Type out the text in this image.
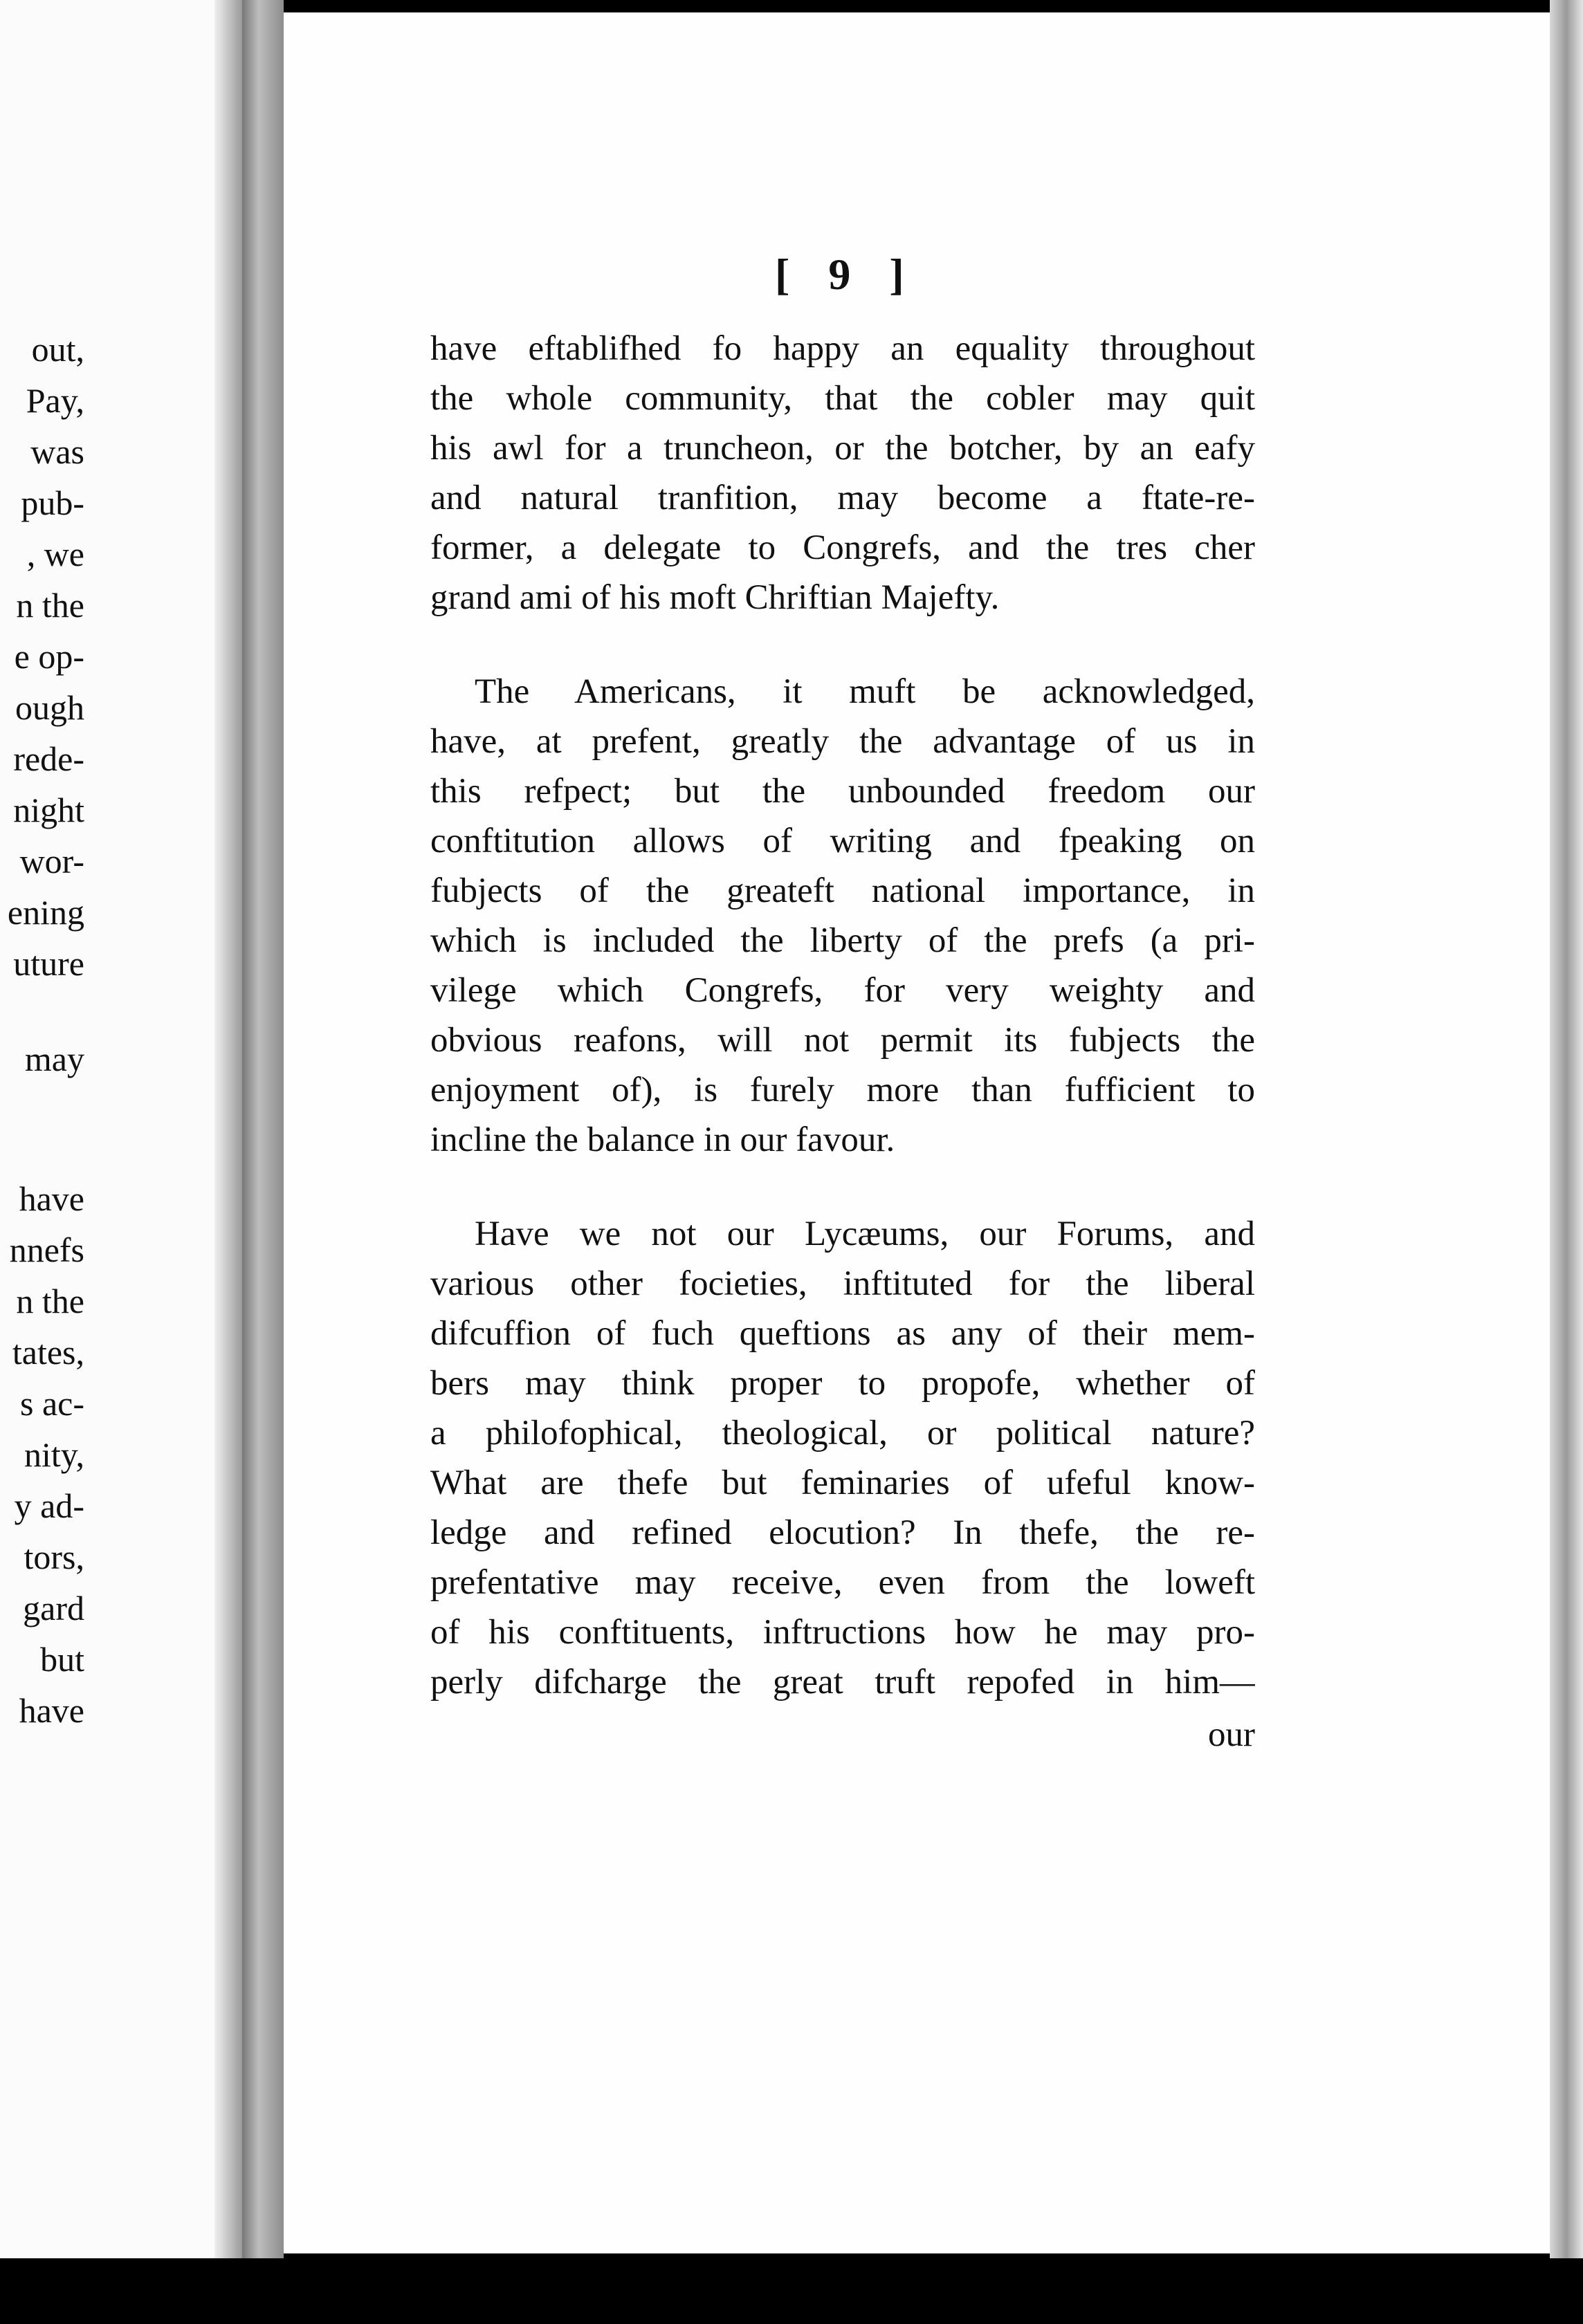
out,
Pay,
was
pub-
, we
n the
e op-
ough
rede-
night
wor-
ening
uture
may
have
nnefs
n the
tates,
s ac-
nity,
y ad-
tors,
gard
but
have
[ 9 ]
have eftablifhed fo happy an equality throughout
the whole community, that the cobler may quit
his awl for a truncheon, or the botcher, by an eafy
and natural tranfition, may become a ftate-re-
former, a delegate to Congrefs, and the tres cher
grand ami of his moft Chriftian Majefty.
The Americans, it muft be acknowledged,
have, at prefent, greatly the advantage of us in
this refpect; but the unbounded freedom our
conftitution allows of writing and fpeaking on
fubjects of the greateft national importance, in
which is included the liberty of the prefs (a pri-
vilege which Congrefs, for very weighty and
obvious reafons, will not permit its fubjects the
enjoyment of), is furely more than fufficient to
incline the balance in our favour.
Have we not our Lycæums, our Forums, and
various other focieties, inftituted for the liberal
difcuffion of fuch queftions as any of their mem-
bers may think proper to propofe, whether of
a philofophical, theological, or political nature?
What are thefe but feminaries of ufeful know-
ledge and refined elocution? In thefe, the re-
prefentative may receive, even from the loweft
of his conftituents, inftructions how he may pro-
perly difcharge the great truft repofed in him—
our
